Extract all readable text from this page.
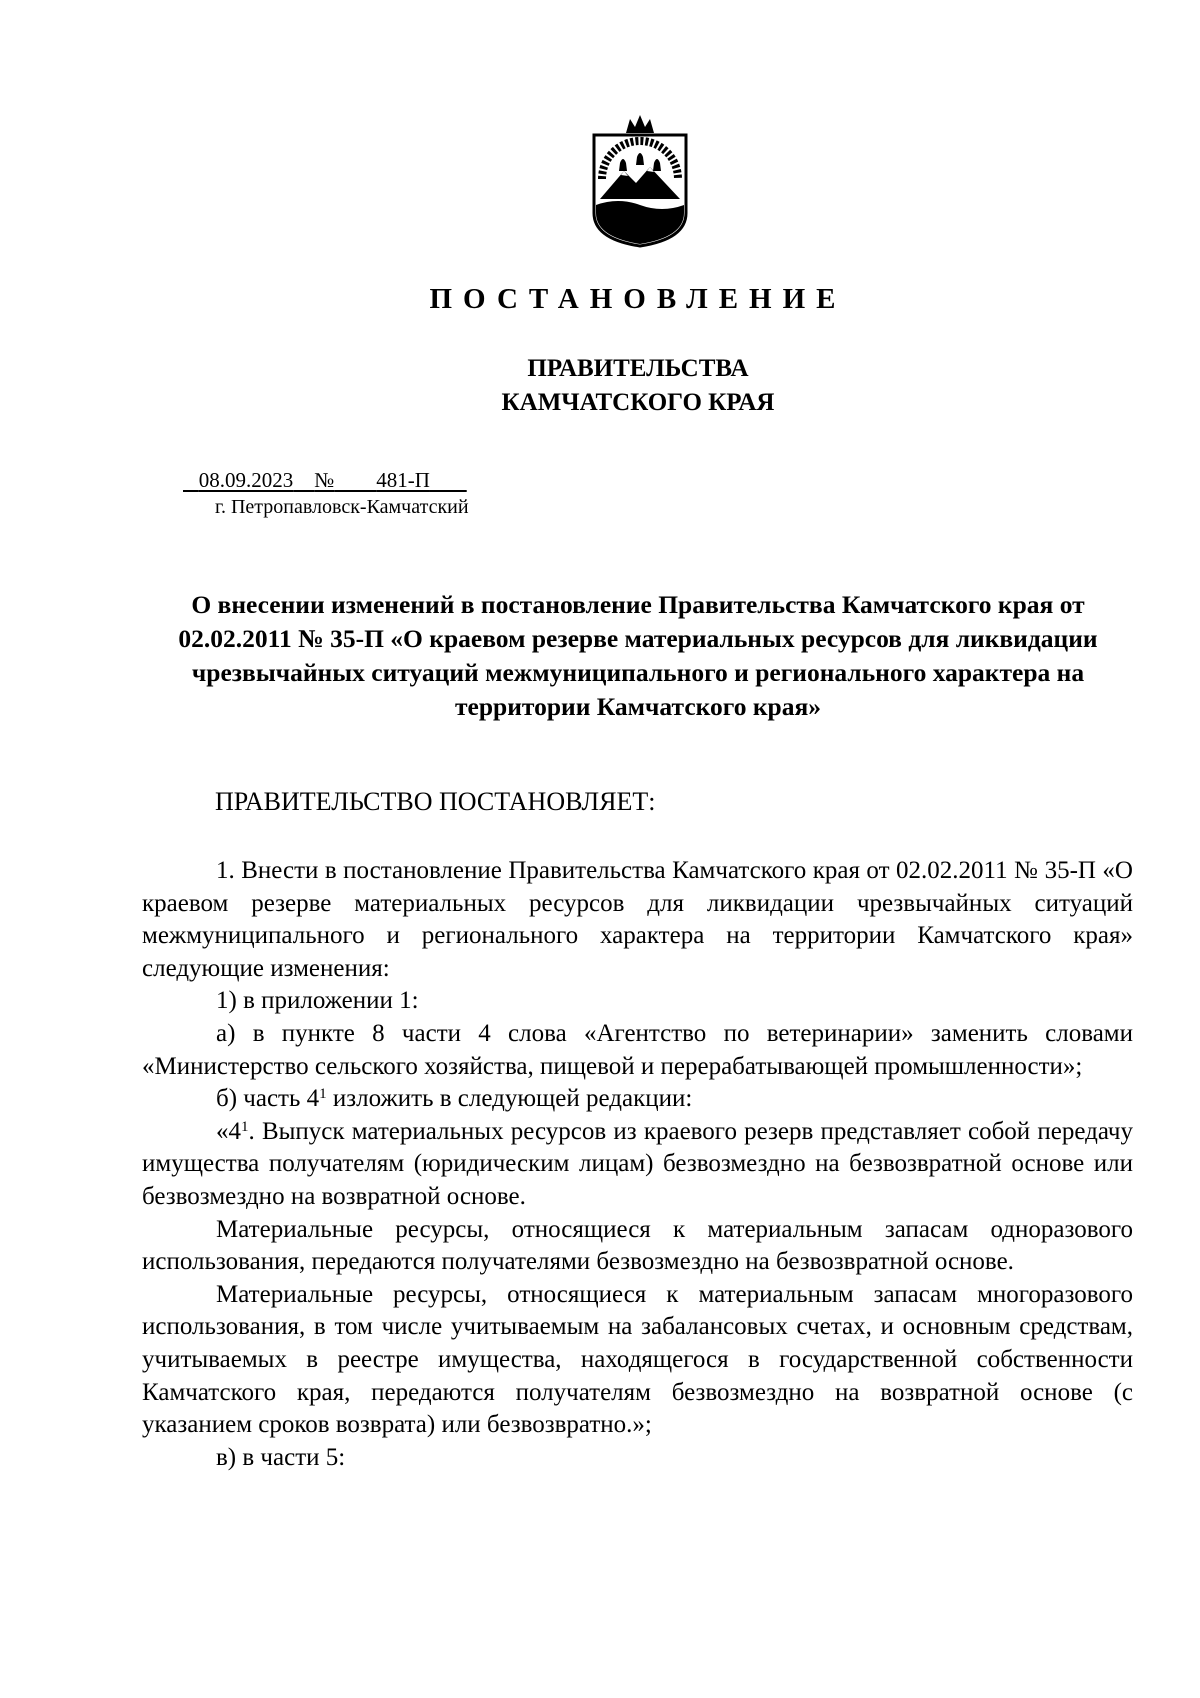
ПОСТАНОВЛЕНИЕ
ПРАВИТЕЛЬСТВА
КАМЧАТСКОГО КРАЯ
08.09.2023 № 481-П
г. Петропавловск-Камчатский
О внесении изменений в постановление Правительства Камчатского края от 02.02.2011 № 35-П «О краевом резерве материальных ресурсов для ликвидации чрезвычайных ситуаций межмуниципального и регионального характера на территории Камчатского края»
ПРАВИТЕЛЬСТВО ПОСТАНОВЛЯЕТ:

1. Внести в постановление Правительства Камчатского края от 02.02.2011 № 35-П «О краевом резерве материальных ресурсов для ликвидации чрезвычайных ситуаций межмуниципального и регионального характера на территории Камчатского края» следующие изменения:

1) в приложении 1:

а) в пункте 8 части 4 слова «Агентство по ветеринарии» заменить словами «Министерство сельского хозяйства, пищевой и перерабатывающей промышленности»;

б) часть $4^1$ изложить в следующей редакции:

«$4^1$. Выпуск материальных ресурсов из краевого резерв представляет собой передачу имущества получателям (юридическим лицам) безвозмездно на безвозвратной основе или безвозмездно на возвратной основе.

Материальные ресурсы, относящиеся к материальным запасам одноразового использования, передаются получателями безвозмездно на безвозвратной основе.

Материальные ресурсы, относящиеся к материальным запасам многоразового использования, в том числе учитываемым на забалансовых счетах, и основным средствам, учитываемых в реестре имущества, находящегося в государственной собственности Камчатского края, передаются получателям безвозмездно на возвратной основе (с указанием сроков возврата) или безвозвратно.»;

в) в части 5:
